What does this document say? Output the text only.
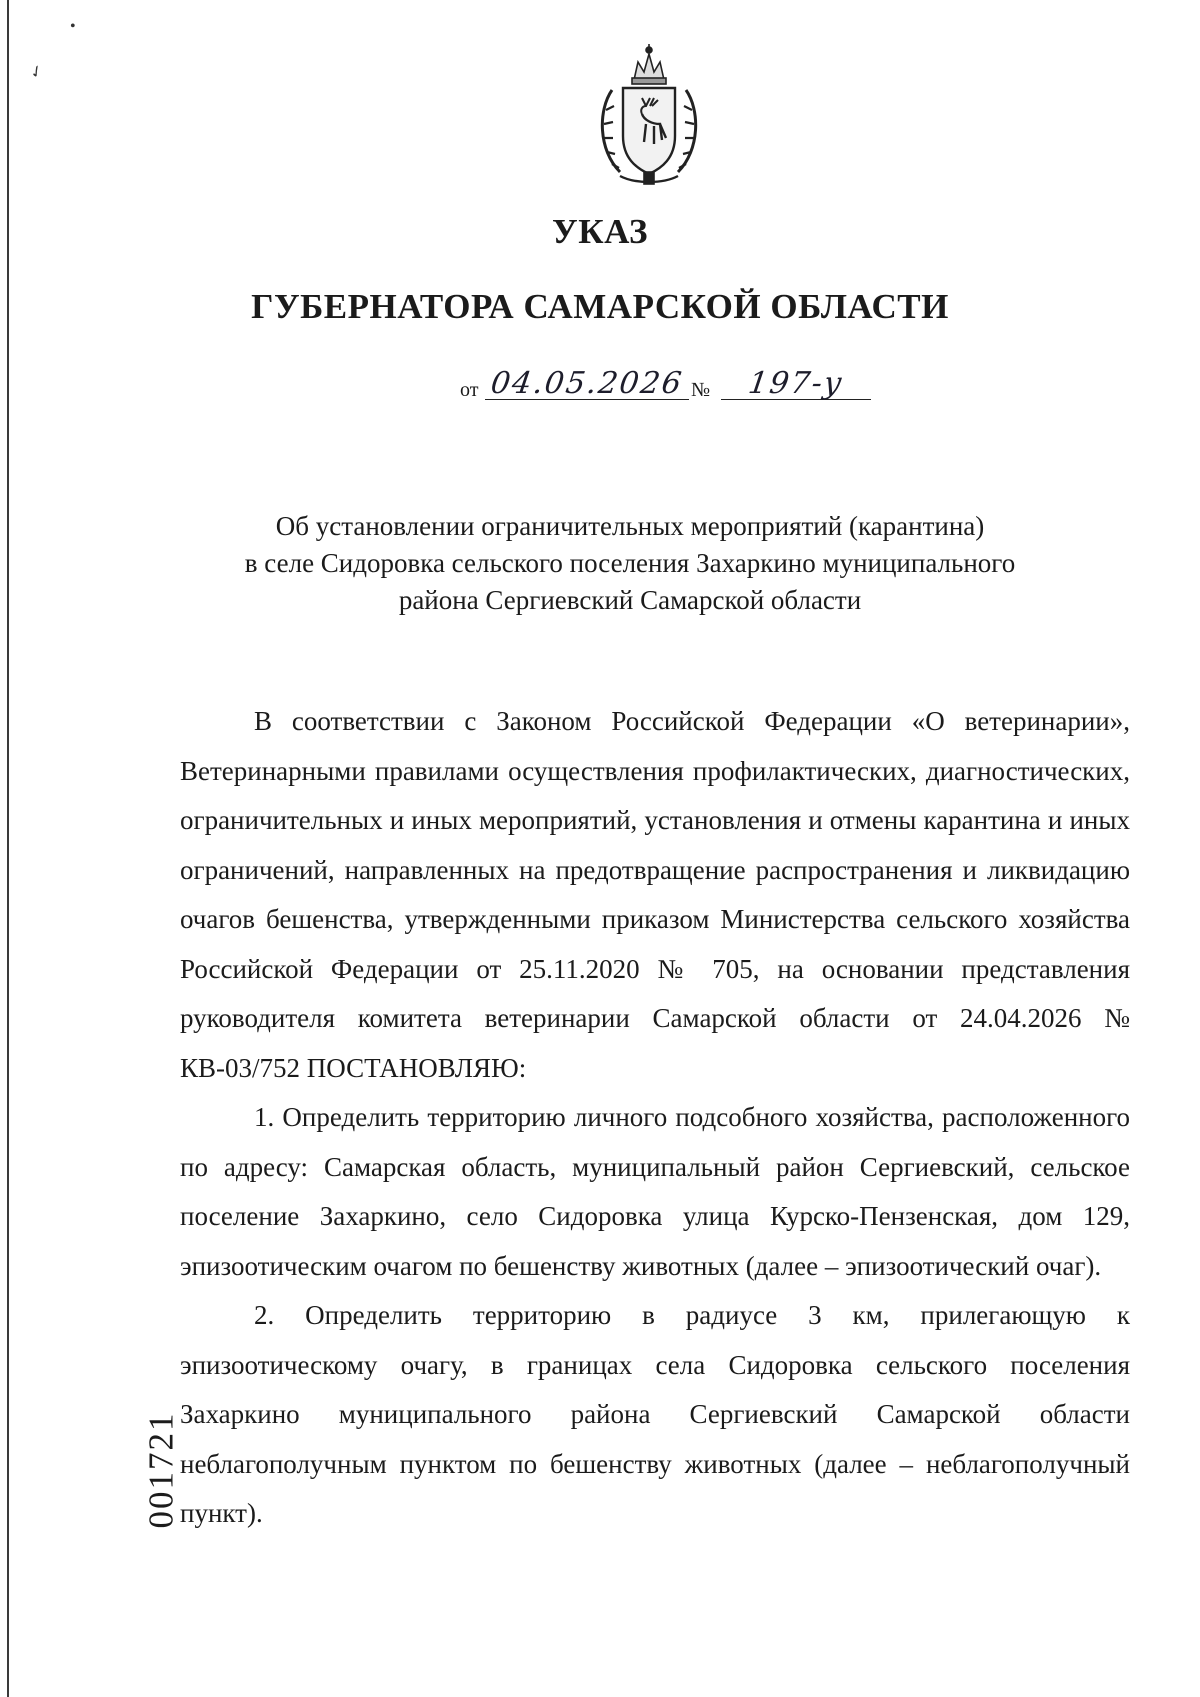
•
✓
УКАЗ
ГУБЕРНАТОРА САМАРСКОЙ ОБЛАСТИ
от 04.05.2026 №	197-у
Об установлении ограничительных мероприятий (карантина)
в селе Сидоровка сельского поселения Захаркино муниципального
района Сергиевский Самарской области

В соответствии с Законом Российской Федерации «О ветеринарии», Ветеринарными правилами осуществления профилактических, диагностических, ограничительных и иных мероприятий, установления и отмены карантина и иных ограничений, направленных на предотвращение распространения и ликвидацию очагов бешенства, утвержденными приказом Министерства сельского хозяйства Российской Федерации от 25.11.2020 № 705, на основании представления руководителя комитета ветеринарии Самарской области от 24.04.2026 № КВ-03/752 ПОСТАНОВЛЯЮ:

1. Определить территорию личного подсобного хозяйства, расположенного по адресу: Самарская область, муниципальный район Сергиевский, сельское поселение Захаркино, село Сидоровка улица Курско-Пензенская, дом 129, эпизоотическим очагом по бешенству животных (далее – эпизоотический очаг).

2. Определить территорию в радиусе 3 км, прилегающую к эпизоотическому очагу, в границах села Сидоровка сельского поселения Захаркино муниципального района Сергиевский Самарской области неблагополучным пунктом по бешенству животных (далее – неблагополучный пункт).

001721
